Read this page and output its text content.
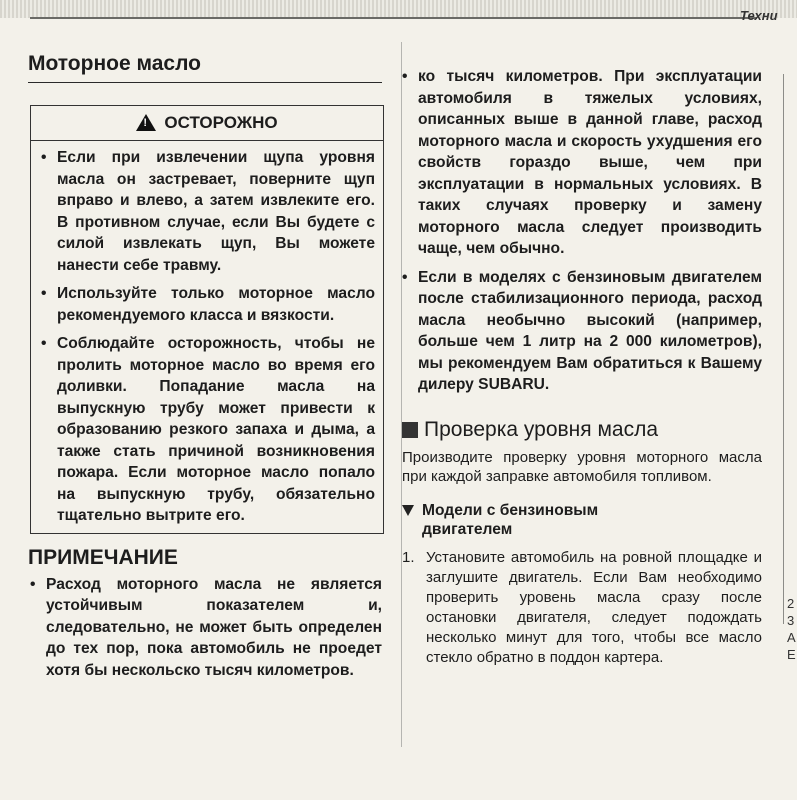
Техни
2
3
A
E
Моторное масло
!
ОСТОРОЖНО
• Если при извлечении щупа уровня масла он застревает, поверните щуп вправо и влево, а затем извлеките его. В противном случае, если Вы будете с силой извлекать щуп, Вы можете нанести себе травму.
• Используйте только моторное масло рекомендуемого класса и вязкости.
• Соблюдайте осторожность, чтобы не пролить моторное масло во время его доливки. Попадание масла на выпускную трубу может привести к образованию резкого запаха и дыма, а также стать причиной возникновения пожара. Если моторное масло попало на выпускную трубу, обязательно тщательно вытрите его.
ПРИМЕЧАНИЕ
• Расход моторного масла не является устойчивым показателем и, следовательно, не может быть определен до тех пор, пока автомобиль не проедет хотя бы нескольско тысяч километров.
• ко тысяч километров. При эксплуатации автомобиля в тяжелых условиях, описанных выше в данной главе, расход моторного масла и скорость ухудшения его свойств гораздо выше, чем при эксплуатации в нормальных условиях. В таких случаях проверку и замену моторного масла следует производить чаще, чем обычно.
• Если в моделях с бензиновым двигателем после стабилизационного периода, расход масла необычно высокий (например, больше чем 1 литр на 2 000 километров), мы рекомендуем Вам обратиться к Вашему дилеру SUBARU.
Проверка уровня масла
Производите проверку уровня моторного масла при каждой заправке автомобиля топливом.
Модели с бензиновым двигателем
1. Установите автомобиль на ровной площадке и заглушите двигатель. Если Вам необходимо проверить уровень масла сразу после остановки двигателя, следует подождать несколько минут для того, чтобы все масло стекло обратно в поддон картера.
